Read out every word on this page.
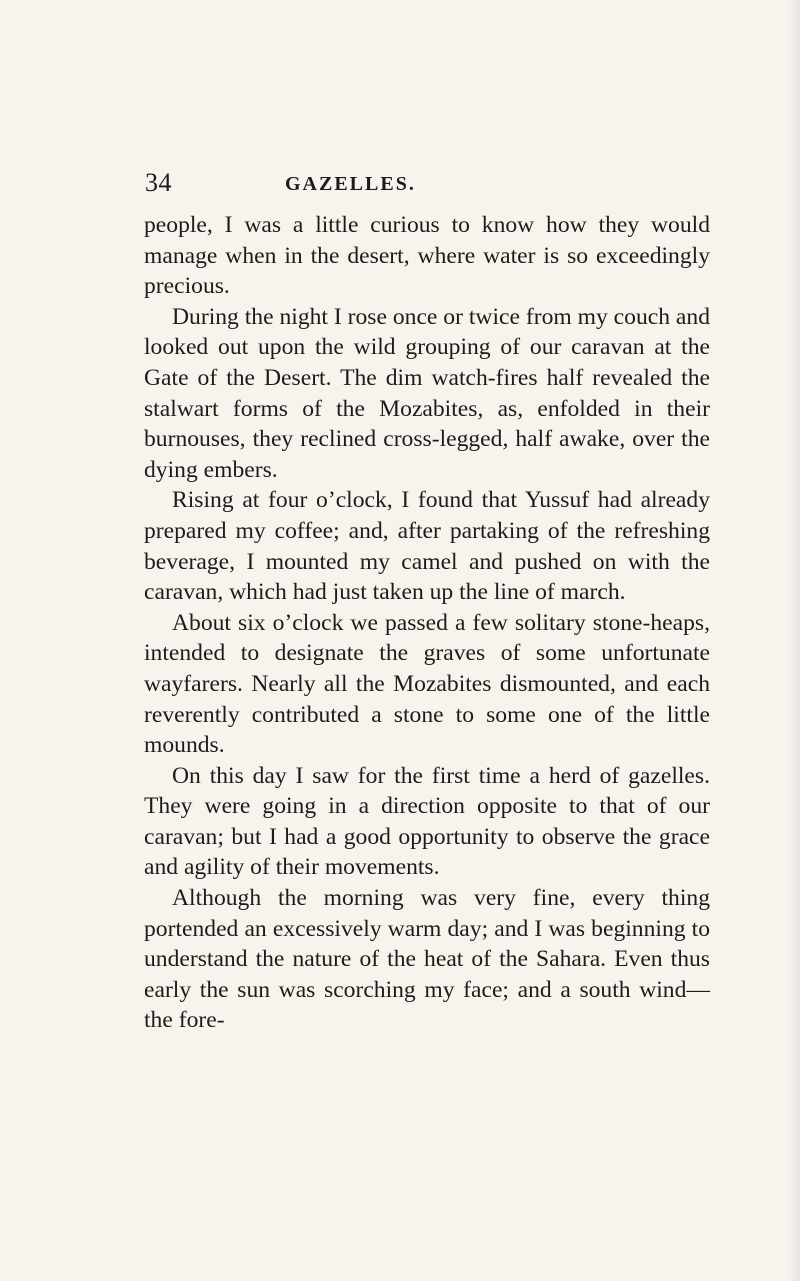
34	GAZELLES.

people, I was a little curious to know how they would manage when in the desert, where water is so exceedingly precious.

During the night I rose once or twice from my couch and looked out upon the wild grouping of our caravan at the Gate of the Desert. The dim watch-fires half revealed the stalwart forms of the Mozabites, as, enfolded in their burnouses, they reclined cross-legged, half awake, over the dying embers.

Rising at four o’clock, I found that Yussuf had already prepared my coffee; and, after partaking of the refreshing beverage, I mounted my camel and pushed on with the caravan, which had just taken up the line of march.

About six o’clock we passed a few solitary stone-heaps, intended to designate the graves of some unfortunate wayfarers. Nearly all the Mozabites dismounted, and each reverently contributed a stone to some one of the little mounds.

On this day I saw for the first time a herd of gazelles. They were going in a direction opposite to that of our caravan; but I had a good opportunity to observe the grace and agility of their movements.

Although the morning was very fine, every thing portended an excessively warm day; and I was beginning to understand the nature of the heat of the Sahara. Even thus early the sun was scorching my face; and a south wind—the fore-
